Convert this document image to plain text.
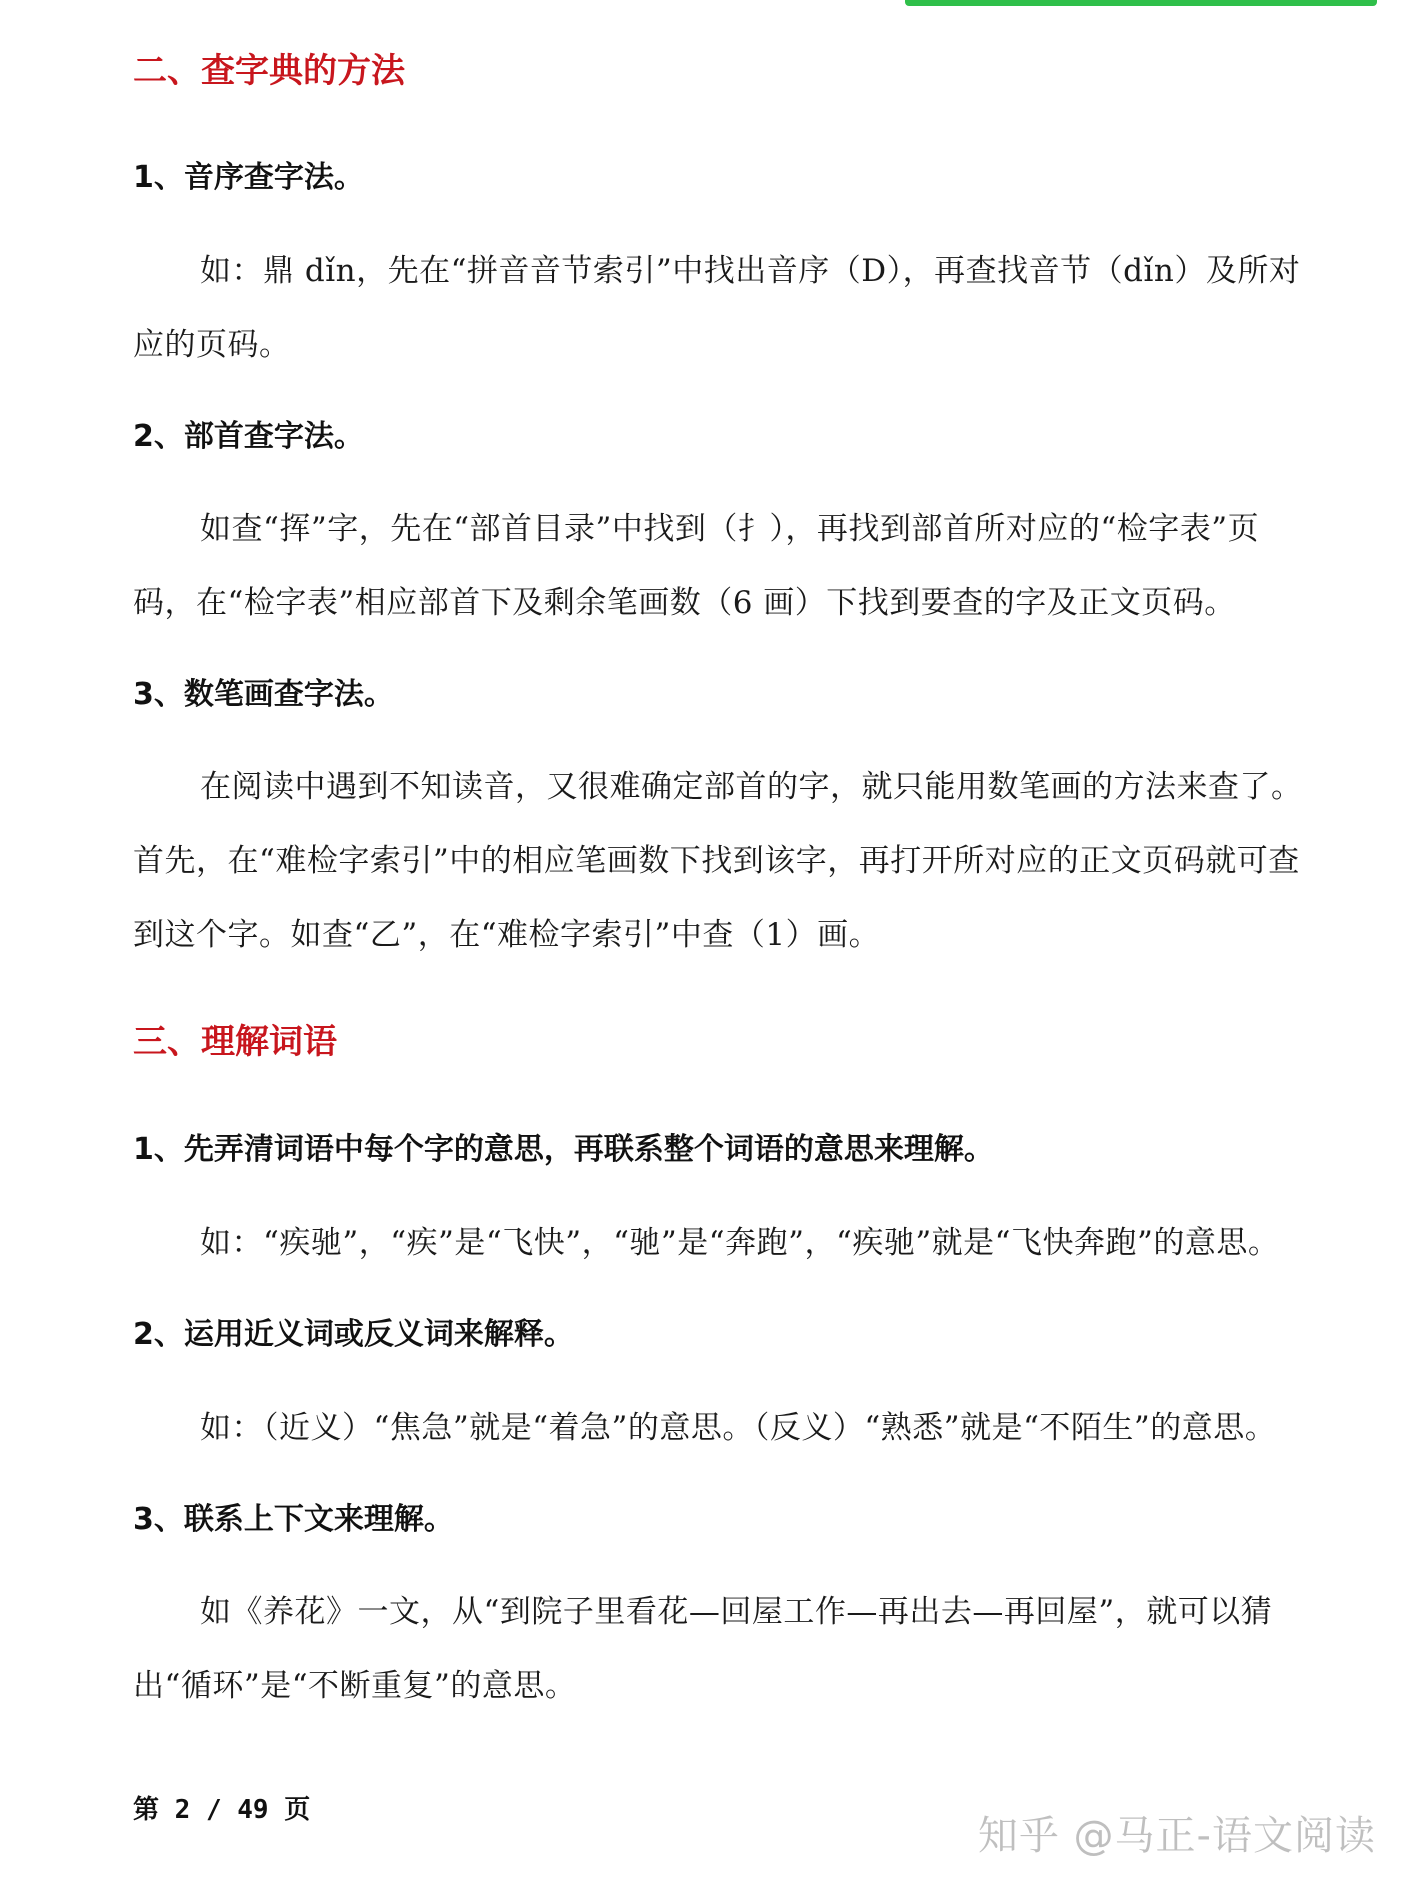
二、查字典的方法
1、音序查字法。
如：鼎 dǐn，先在“拼音音节索引”中找出音序（D），再查找音节（dǐn）及所对应的页码。
2、部首查字法。
如查“挥”字，先在“部首目录”中找到（扌），再找到部首所对应的“检字表”页码，在“检字表”相应部首下及剩余笔画数（6 画）下找到要查的字及正文页码。
3、数笔画查字法。
在阅读中遇到不知读音，又很难确定部首的字，就只能用数笔画的方法来查了。首先，在“难检字索引”中的相应笔画数下找到该字，再打开所对应的正文页码就可查到这个字。如查“乙”，在“难检字索引”中查（1）画。
三、理解词语
1、先弄清词语中每个字的意思，再联系整个词语的意思来理解。
如：“疾驰”，“疾”是“飞快”，“驰”是“奔跑”，“疾驰”就是“飞快奔跑”的意思。
2、运用近义词或反义词来解释。
如：（近义）“焦急”就是“着急”的意思。（反义）“熟悉”就是“不陌生”的意思。
3、联系上下文来理解。
如《养花》一文，从“到院子里看花—回屋工作—再出去—再回屋”，就可以猜出“循环”是“不断重复”的意思。
第 2 / 49 页
知乎 @马正-语文阅读
